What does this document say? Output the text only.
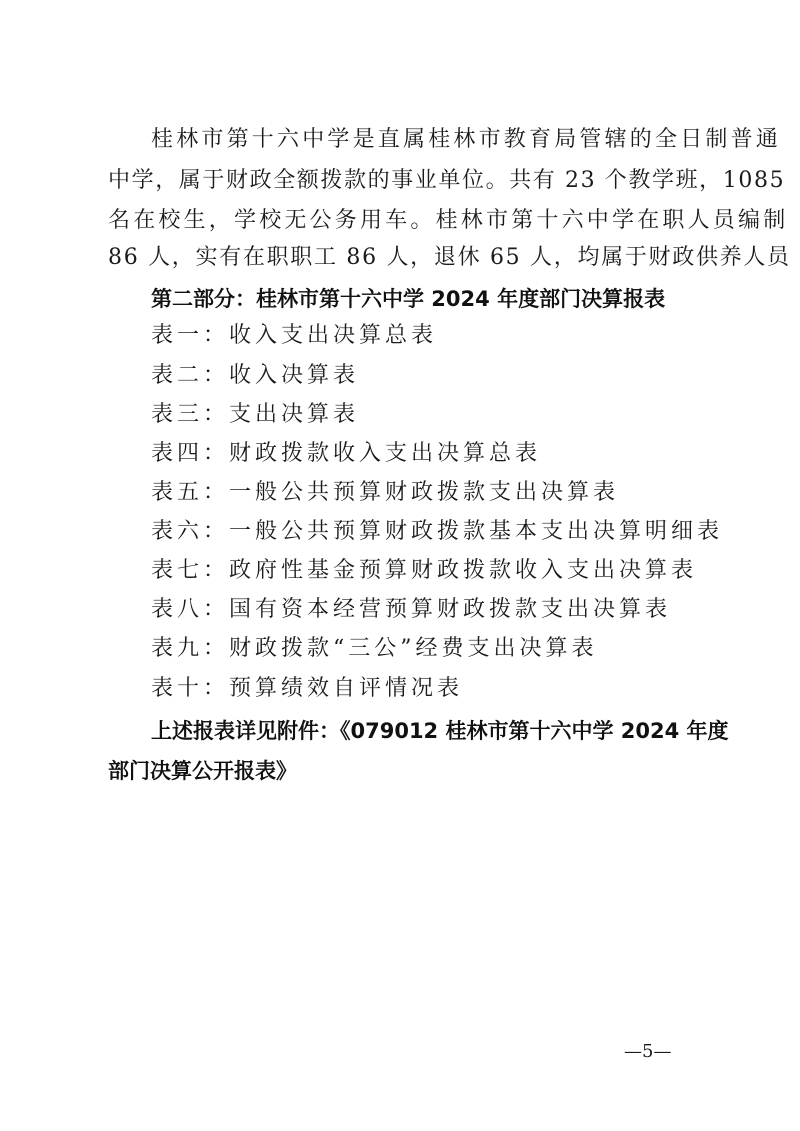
桂林市第十六中学是直属桂林市教育局管辖的全日制普通
中学，属于财政全额拨款的事业单位。共有 23 个教学班，1085
名在校生，学校无公务用车。桂林市第十六中学在职人员编制
86 人，实有在职职工 86 人，退休 65 人，均属于财政供养人员
第二部分：桂林市第十六中学 2024 年度部门决算报表
表一：收入支出决算总表
表二：收入决算表
表三：支出决算表
表四：财政拨款收入支出决算总表
表五：一般公共预算财政拨款支出决算表
表六：一般公共预算财政拨款基本支出决算明细表
表七：政府性基金预算财政拨款收入支出决算表
表八：国有资本经营预算财政拨款支出决算表
表九：财政拨款“三公”经费支出决算表
表十：预算绩效自评情况表
上述报表详见附件：《079012 桂林市第十六中学 2024 年度
部门决算公开报表》
—5—
